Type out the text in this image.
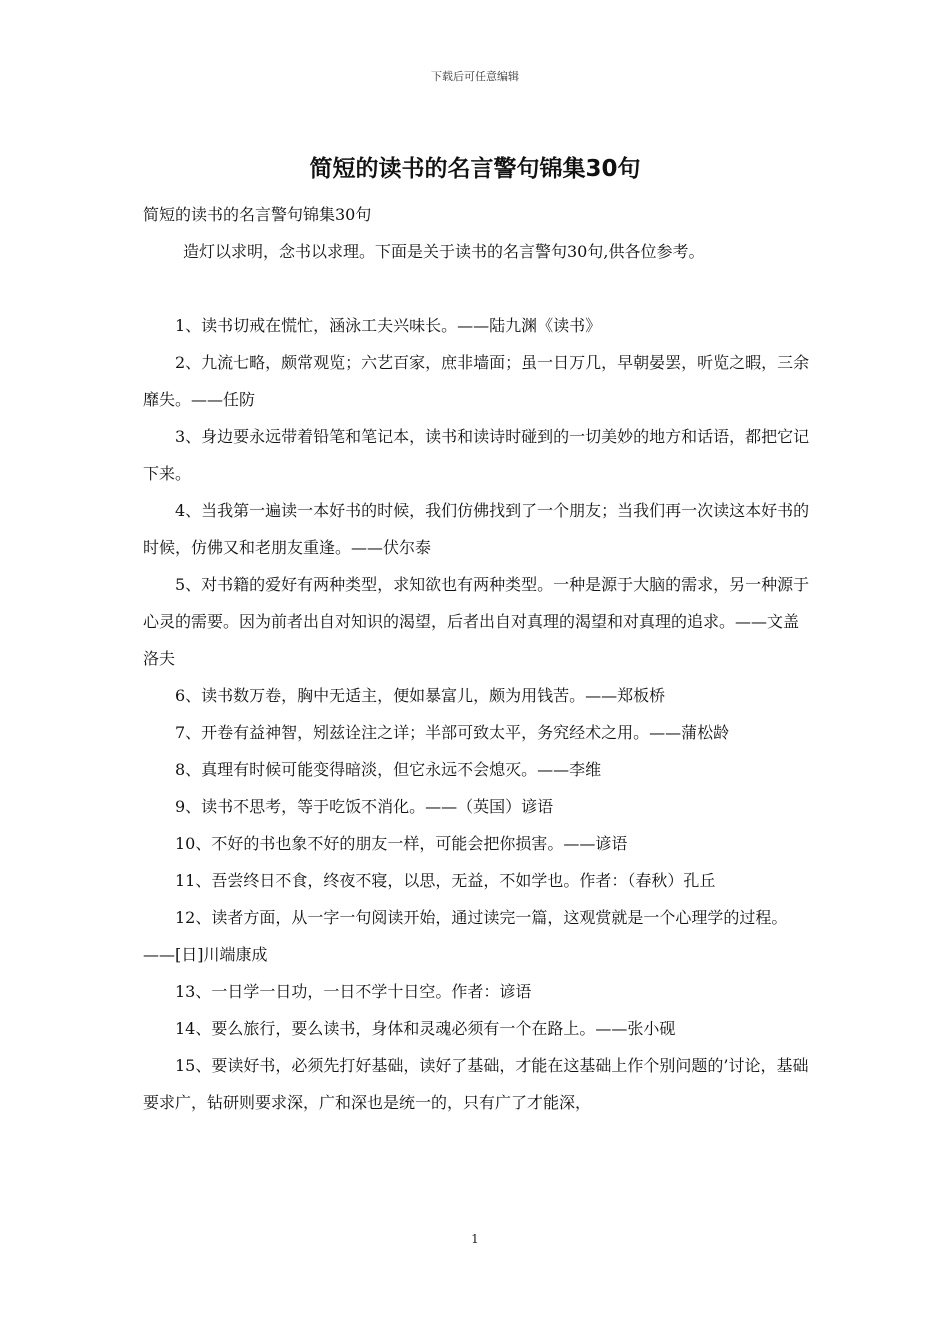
下载后可任意编辑
简短的读书的名言警句锦集30句

简短的读书的名言警句锦集30句

造灯以求明，念书以求理。下面是关于读书的名言警句30句,供各位参考。

1、读书切戒在慌忙，涵泳工夫兴味长。——陆九渊《读书》

2、九流七略，颇常观览；六艺百家，庶非墙面；虽一日万几，早朝晏罢，听览之暇，三余靡失。——任防

3、身边要永远带着铅笔和笔记本，读书和读诗时碰到的一切美妙的地方和话语，都把它记下来。

4、当我第一遍读一本好书的时候，我们仿佛找到了一个朋友；当我们再一次读这本好书的时候，仿佛又和老朋友重逢。——伏尔泰

5、对书籍的爱好有两种类型，求知欲也有两种类型。一种是源于大脑的需求，另一种源于心灵的需要。因为前者出自对知识的渴望，后者出自对真理的渴望和对真理的追求。——文盖洛夫

6、读书数万卷，胸中无适主，便如暴富儿，颇为用钱苦。——郑板桥

7、开卷有益神智，矧兹诠注之详；半部可致太平，务究经术之用。——蒲松龄

8、真理有时候可能变得暗淡，但它永远不会熄灭。——李维

9、读书不思考，等于吃饭不消化。——（英国）谚语

10、不好的书也象不好的朋友一样，可能会把你损害。——谚语

11、吾尝终日不食，终夜不寝，以思，无益，不如学也。作者：（春秋）孔丘

12、读者方面，从一字一句阅读开始，通过读完一篇，这观赏就是一个心理学的过程。——[日]川端康成

13、一日学一日功，一日不学十日空。作者：谚语

14、要么旅行，要么读书，身体和灵魂必须有一个在路上。——张小砚

15、要读好书，必须先打好基础，读好了基础，才能在这基础上作个别问题的’讨论，基础要求广，钻研则要求深，广和深也是统一的，只有广了才能深，

1
